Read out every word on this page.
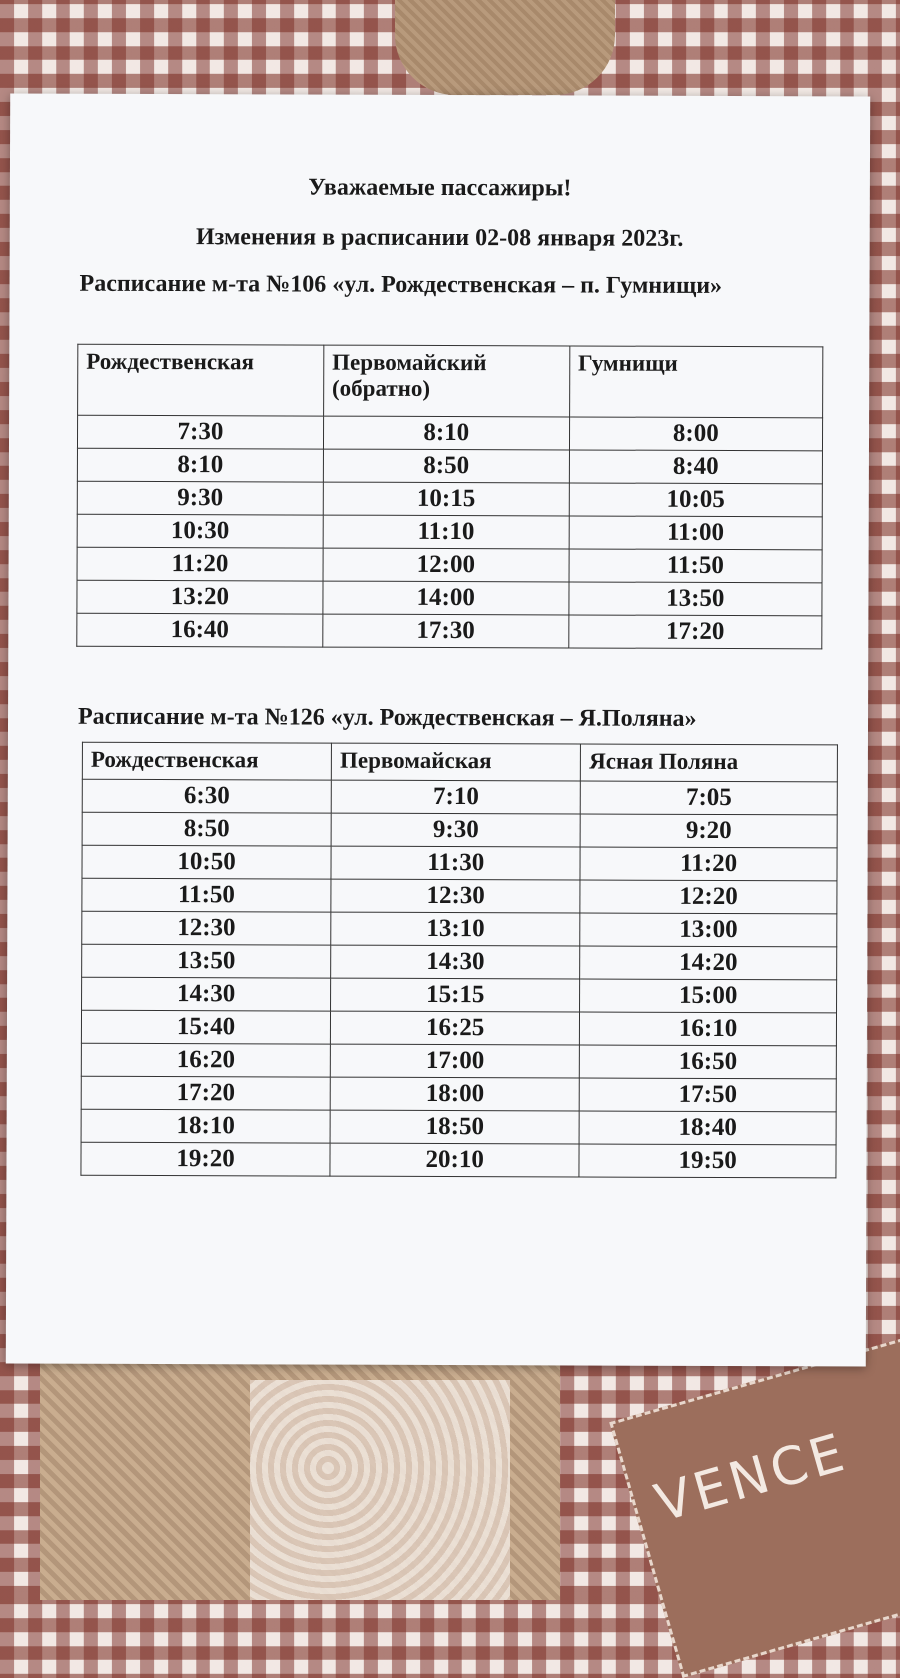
VENCE
Уважаемые пассажиры!
Изменения в расписании 02-08 января 2023г.
Расписание м-та №106 «ул. Рождественская – п. Гумнищи»
Рождественская	Первомайский (обратно)	Гумнищи
7:30	8:10	8:00
8:10	8:50	8:40
9:30	10:15	10:05
10:30	11:10	11:00
11:20	12:00	11:50
13:20	14:00	13:50
16:40	17:30	17:20
Расписание м-та №126 «ул. Рождественская – Я.Поляна»
Рождественская	Первомайская	Ясная Поляна
6:30	7:10	7:05
8:50	9:30	9:20
10:50	11:30	11:20
11:50	12:30	12:20
12:30	13:10	13:00
13:50	14:30	14:20
14:30	15:15	15:00
15:40	16:25	16:10
16:20	17:00	16:50
17:20	18:00	17:50
18:10	18:50	18:40
19:20	20:10	19:50
